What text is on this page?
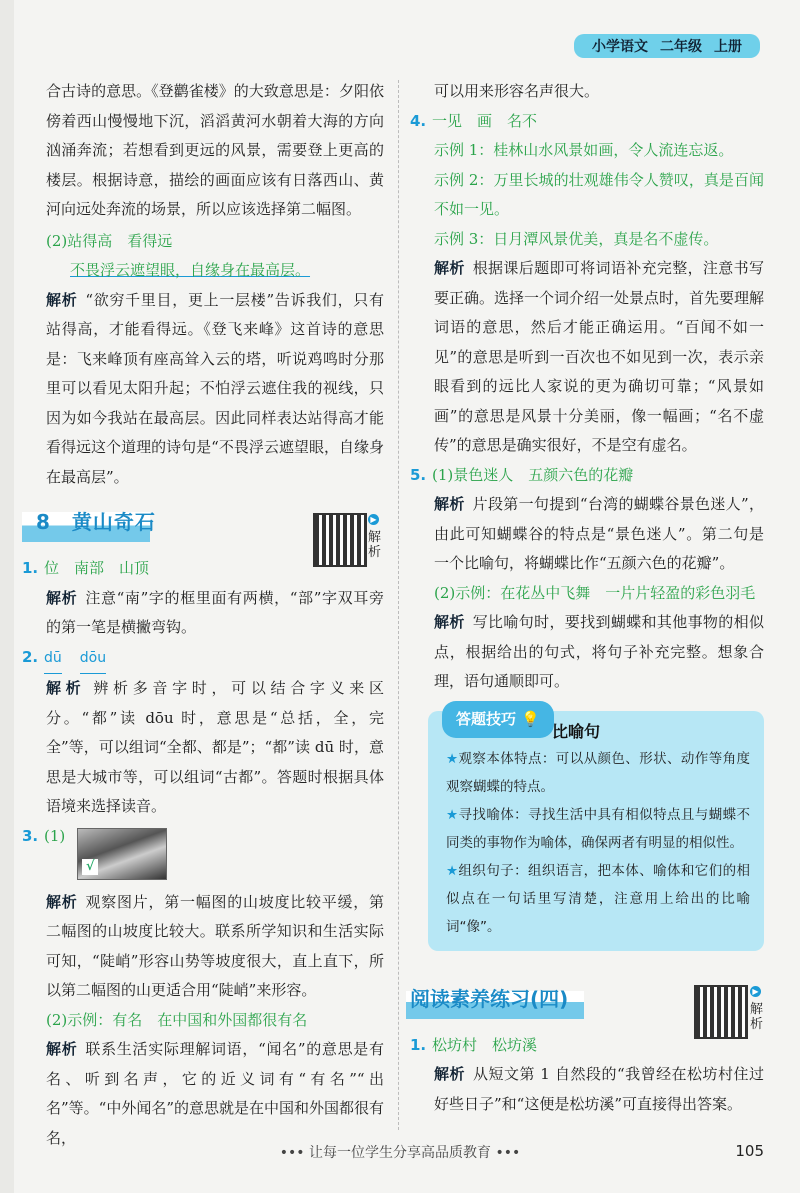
小学语文 二年级 上册

合古诗的意思。《登鹳雀楼》的大致意思是：夕阳依傍着西山慢慢地下沉，滔滔黄河水朝着大海的方向汹涌奔流；若想看到更远的风景，需要登上更高的楼层。根据诗意，描绘的画面应该有日落西山、黄河向远处奔流的场景，所以应该选择第二幅图。

(2)站得高　看得远

不畏浮云遮望眼，自缘身在最高层。

解析 “欲穷千里目，更上一层楼”告诉我们，只有站得高，才能看得远。《登飞来峰》这首诗的意思是：飞来峰顶有座高耸入云的塔，听说鸡鸣时分那里可以看见太阳升起；不怕浮云遮住我的视线，只因为如今我站在最高层。因此同样表达站得高才能看得远这个道理的诗句是“不畏浮云遮望眼，自缘身在最高层”。

8　黄山奇石

1. 位　南部　山顶

解析 注意“南”字的框里面有两横，“部”字双耳旁的第一笔是横撇弯钩。

2. dū dōu

解析 辨析多音字时，可以结合字义来区分。“都”读 dōu 时，意思是“总括，全，完全”等，可以组词“全都、都是”；“都”读 dū 时，意思是大城市等，可以组词“古都”。答题时根据具体语境来选择读音。

3. (1)
√

解析 观察图片，第一幅图的山坡度比较平缓，第二幅图的山坡度比较大。联系所学知识和生活实际可知，“陡峭”形容山势等坡度很大，直上直下，所以第二幅图的山更适合用“陡峭”来形容。

(2)示例：有名　在中国和外国都很有名

解析 联系生活实际理解词语，“闻名”的意思是有名、听到名声，它的近义词有“有名”“出名”等。“中外闻名”的意思就是在中国和外国都很有名，

▶
解析

可以用来形容名声很大。

4. 一见　画　名不

示例 1：桂林山水风景如画，令人流连忘返。

示例 2：万里长城的壮观雄伟令人赞叹，真是百闻不如一见。

示例 3：日月潭风景优美，真是名不虚传。

解析 根据课后题即可将词语补充完整，注意书写要正确。选择一个词介绍一处景点时，首先要理解词语的意思，然后才能正确运用。“百闻不如一见”的意思是听到一百次也不如见到一次，表示亲眼看到的远比人家说的更为确切可靠；“风景如画”的意思是风景十分美丽，像一幅画；“名不虚传”的意思是确实很好，不是空有虚名。

5. (1)景色迷人　五颜六色的花瓣

解析 片段第一句提到“台湾的蝴蝶谷景色迷人”，由此可知蝴蝶谷的特点是“景色迷人”。第二句是一个比喻句，将蝴蝶比作“五颜六色的花瓣”。

(2)示例：在花丛中飞舞　一片片轻盈的彩色羽毛

解析 写比喻句时，要找到蝴蝶和其他事物的相似点，根据给出的句式，将句子补充完整。想象合理，语句通顺即可。

答题技巧 💡
比喻句

★观察本体特点：可以从颜色、形状、动作等角度观察蝴蝶的特点。

★寻找喻体：寻找生活中具有相似特点且与蝴蝶不同类的事物作为喻体，确保两者有明显的相似性。

★组织句子：组织语言，把本体、喻体和它们的相似点在一句话里写清楚，注意用上给出的比喻词“像”。

阅读素养练习(四)

1. 松坊村　松坊溪

解析 从短文第 1 自然段的“我曾经在松坊村住过好些日子”和“这便是松坊溪”可直接得出答案。

▶
解析
••• 让每一位学生分享高品质教育 •••	105
